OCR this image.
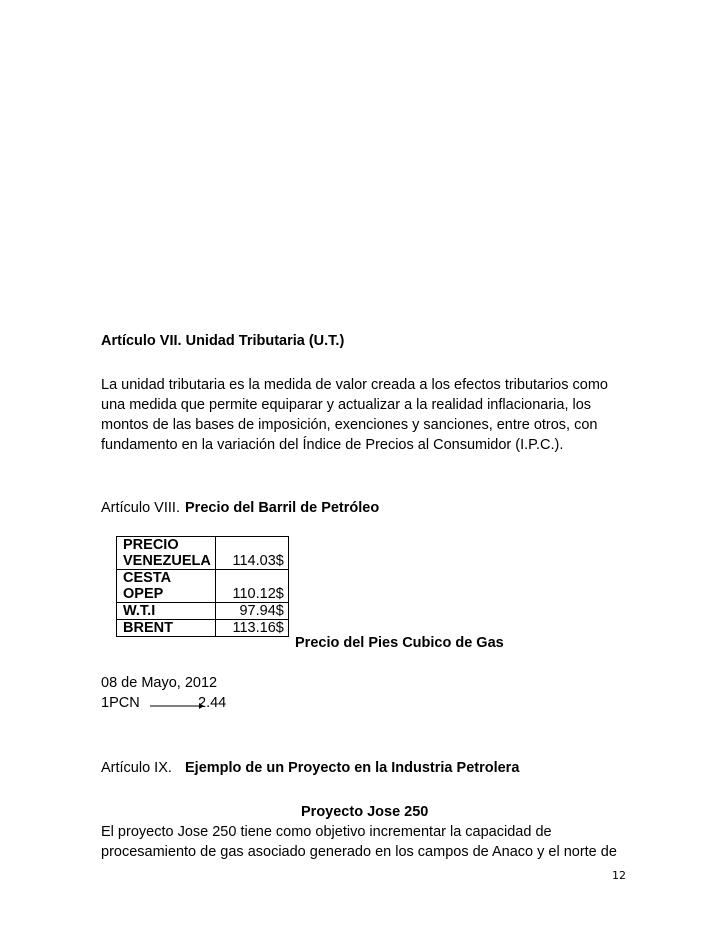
Artículo VII. Unidad Tributaria (U.T.)
La unidad tributaria es la medida de valor creada a los efectos tributarios como
una medida que permite equiparar y actualizar a la realidad inflacionaria, los
montos de las bases de imposición, exenciones y sanciones, entre otros, con
fundamento en la variación del Índice de Precios al Consumidor (I.P.C.).
Artículo VIII. Precio del Barril de Petróleo
PRECIO
VENEZUELA	114.03$

CESTA
OPEP	110.12$

W.T.I	97.94$

BRENT	113.16$
Precio del Pies Cubico de Gas
08 de Mayo, 2012
1PCN	2.44
Artículo IX. Ejemplo de un Proyecto en la Industria Petrolera
Proyecto Jose 250
El proyecto Jose 250 tiene como objetivo incrementar la capacidad de
procesamiento de gas asociado generado en los campos de Anaco y el norte de
12
